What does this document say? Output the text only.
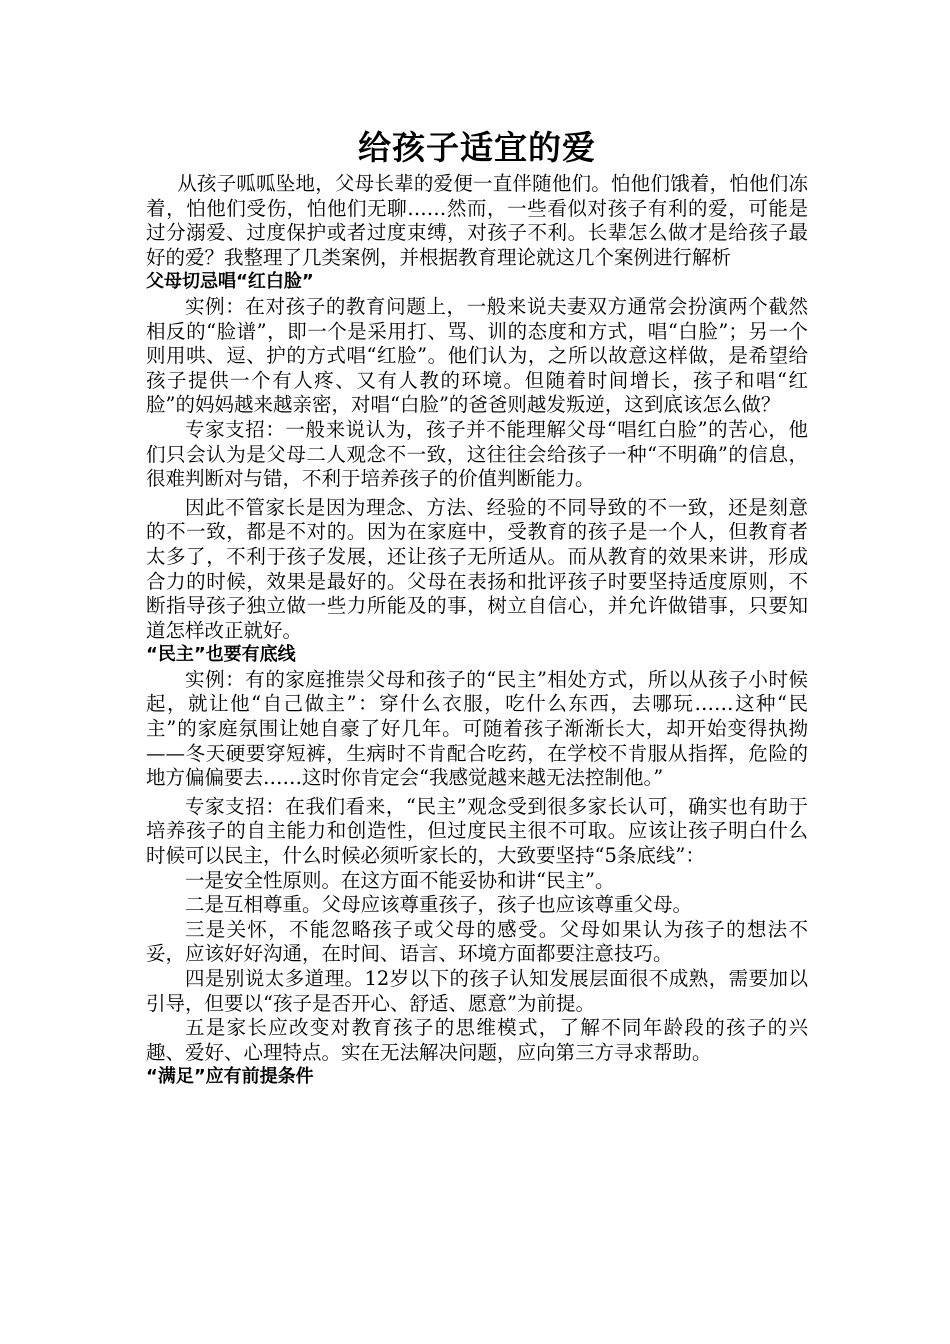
给孩子适宜的爱

从孩子呱呱坠地，父母长辈的爱便一直伴随他们。怕他们饿着，怕他们冻着，怕他们受伤，怕他们无聊……然而，一些看似对孩子有利的爱，可能是过分溺爱、过度保护或者过度束缚，对孩子不利。长辈怎么做才是给孩子最好的爱？我整理了几类案例，并根据教育理论就这几个案例进行解析

父母切忌唱“红白脸”

实例：在对孩子的教育问题上，一般来说夫妻双方通常会扮演两个截然相反的“脸谱”，即一个是采用打、骂、训的态度和方式，唱“白脸”；另一个则用哄、逗、护的方式唱“红脸”。他们认为，之所以故意这样做，是希望给孩子提供一个有人疼、又有人教的环境。但随着时间增长，孩子和唱“红脸”的妈妈越来越亲密，对唱“白脸”的爸爸则越发叛逆，这到底该怎么做？

专家支招：一般来说认为，孩子并不能理解父母“唱红白脸”的苦心，他们只会认为是父母二人观念不一致，这往往会给孩子一种“不明确”的信息，很难判断对与错，不利于培养孩子的价值判断能力。

因此不管家长是因为理念、方法、经验的不同导致的不一致，还是刻意的不一致，都是不对的。因为在家庭中，受教育的孩子是一个人，但教育者太多了，不利于孩子发展，还让孩子无所适从。而从教育的效果来讲，形成合力的时候，效果是最好的。父母在表扬和批评孩子时要坚持适度原则，不断指导孩子独立做一些力所能及的事，树立自信心，并允许做错事，只要知道怎样改正就好。

“民主”也要有底线

实例：有的家庭推崇父母和孩子的“民主”相处方式，所以从孩子小时候起，就让他“自己做主”：穿什么衣服，吃什么东西，去哪玩……这种“民主”的家庭氛围让她自豪了好几年。可随着孩子渐渐长大，却开始变得执拗——冬天硬要穿短裤，生病时不肯配合吃药，在学校不肯服从指挥，危险的地方偏偏要去……这时你肯定会“我感觉越来越无法控制他。”

专家支招：在我们看来，“民主”观念受到很多家长认可，确实也有助于培养孩子的自主能力和创造性，但过度民主很不可取。应该让孩子明白什么时候可以民主，什么时候必须听家长的，大致要坚持“5条底线”：

一是安全性原则。在这方面不能妥协和讲“民主”。

二是互相尊重。父母应该尊重孩子，孩子也应该尊重父母。

三是关怀，不能忽略孩子或父母的感受。父母如果认为孩子的想法不妥，应该好好沟通，在时间、语言、环境方面都要注意技巧。

四是别说太多道理。12岁以下的孩子认知发展层面很不成熟，需要加以引导，但要以“孩子是否开心、舒适、愿意”为前提。

五是家长应改变对教育孩子的思维模式，了解不同年龄段的孩子的兴趣、爱好、心理特点。实在无法解决问题，应向第三方寻求帮助。

“满足”应有前提条件
